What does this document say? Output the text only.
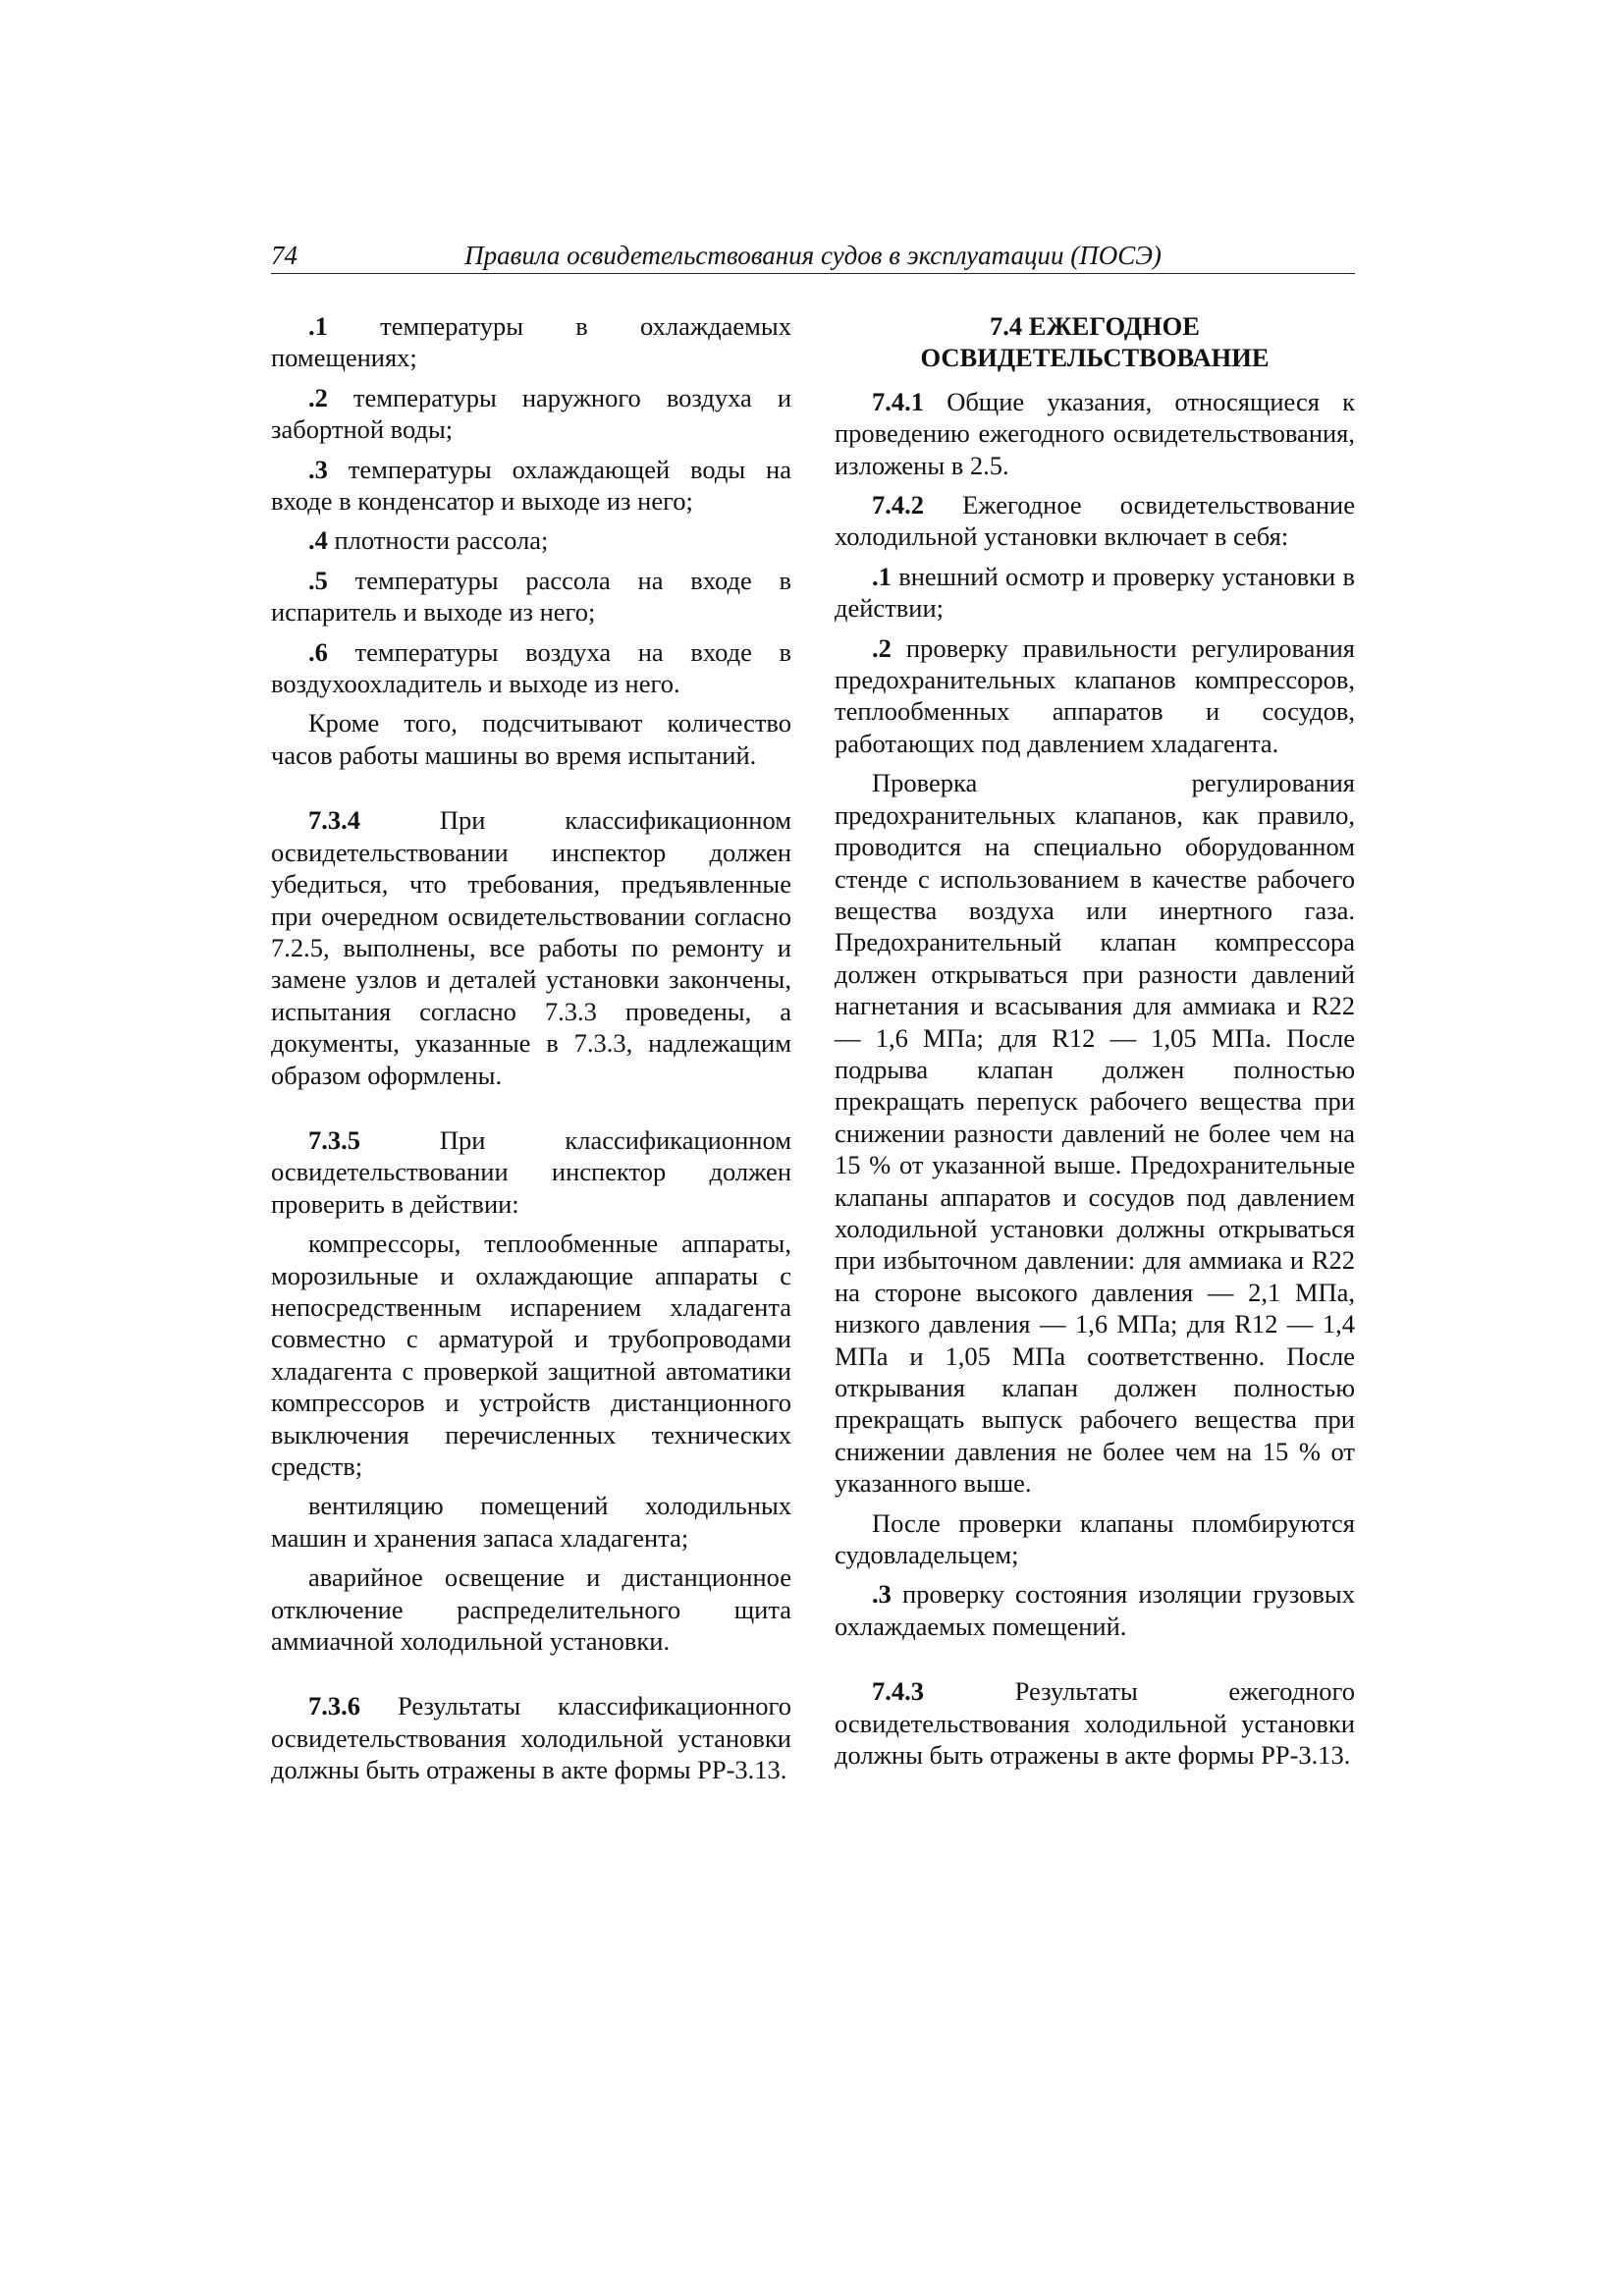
74	Правила освидетельствования судов в эксплуатации (ПОСЭ)

.1 температуры в охлаждаемых помещениях;

.2 температуры наружного воздуха и забортной воды;

.3 температуры охлаждающей воды на входе в конденсатор и выходе из него;

.4 плотности рассола;

.5 температуры рассола на входе в испаритель и выходе из него;

.6 температуры воздуха на входе в воздухоохладитель и выходе из него.

Кроме того, подсчитывают количество часов работы машины во время испытаний.

7.3.4 При классификационном освидетельствовании инспектор должен убедиться, что требования, предъявленные при очередном освидетельствовании согласно 7.2.5, выполнены, все работы по ремонту и замене узлов и деталей установки закончены, испытания согласно 7.3.3 проведены, а документы, указанные в 7.3.3, надлежащим образом оформлены.

7.3.5 При классификационном освидетельствовании инспектор должен проверить в действии:

компрессоры, теплообменные аппараты, морозильные и охлаждающие аппараты с непосредственным испарением хладагента совместно с арматурой и трубопроводами хладагента с проверкой защитной автоматики компрессоров и устройств дистанционного выключения перечисленных технических средств;

вентиляцию помещений холодильных машин и хранения запаса хладагента;

аварийное освещение и дистанционное отключение распределительного щита аммиачной холодильной установки.

7.3.6 Результаты классификационного освидетельствования холодильной установки должны быть отражены в акте формы РР-3.13.

7.4 ЕЖЕГОДНОЕ
ОСВИДЕТЕЛЬСТВОВАНИЕ

7.4.1 Общие указания, относящиеся к проведению ежегодного освидетельствования, изложены в 2.5.

7.4.2 Ежегодное освидетельствование холодильной установки включает в себя:

.1 внешний осмотр и проверку установки в действии;

.2 проверку правильности регулирования предохранительных клапанов компрессоров, теплообменных аппаратов и сосудов, работающих под давлением хладагента.

Проверка регулирования предохранительных клапанов, как правило, проводится на специально оборудованном стенде с использованием в качестве рабочего вещества воздуха или инертного газа. Предохранительный клапан компрессора должен открываться при разности давлений нагнетания и всасывания для аммиака и R22 — 1,6 МПа; для R12 — 1,05 МПа. После подрыва клапан должен полностью прекращать перепуск рабочего вещества при снижении разности давлений не более чем на 15 % от указанной выше. Предохранительные клапаны аппаратов и сосудов под давлением холодильной установки должны открываться при избыточном давлении: для аммиака и R22 на стороне высокого давления — 2,1 МПа, низкого давления — 1,6 МПа; для R12 — 1,4 МПа и 1,05 МПа соответственно. После открывания клапан должен полностью прекращать выпуск рабочего вещества при снижении давления не более чем на 15 % от указанного выше.

После проверки клапаны пломбируются судовладельцем;

.3 проверку состояния изоляции грузовых охлаждаемых помещений.

7.4.3 Результаты ежегодного освидетельствования холодильной установки должны быть отражены в акте формы РР-3.13.
